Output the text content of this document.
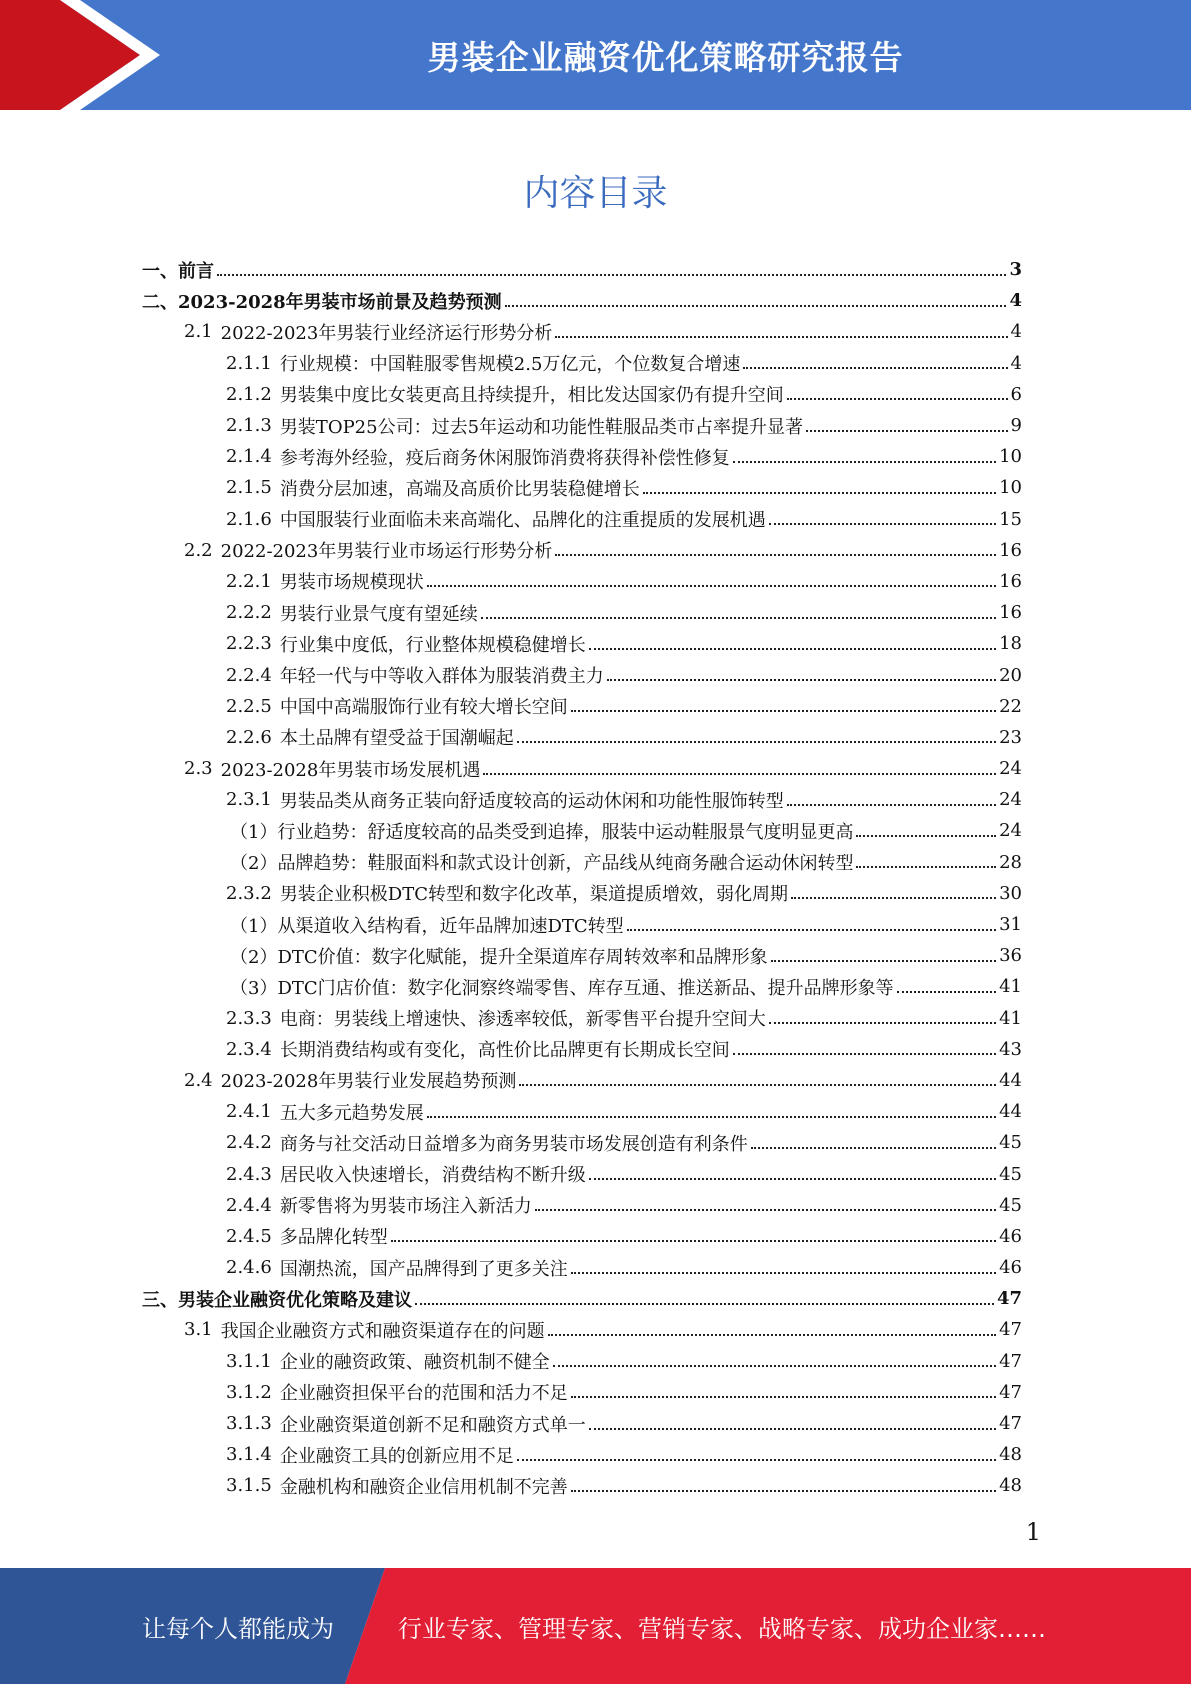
男装企业融资优化策略研究报告
内容目录
一、 前言	3
二、 2023-2028年男装市场前景及趋势预测	4
2.1 2022-2023年男装行业经济运行形势分析	4
2.1.1 行业规模：中国鞋服零售规模2.5万亿元，个位数复合增速	4
2.1.2 男装集中度比女装更高且持续提升，相比发达国家仍有提升空间	6
2.1.3 男装TOP25公司：过去5年运动和功能性鞋服品类市占率提升显著	9
2.1.4 参考海外经验，疫后商务休闲服饰消费将获得补偿性修复	10
2.1.5 消费分层加速，高端及高质价比男装稳健增长	10
2.1.6 中国服装行业面临未来高端化、品牌化的注重提质的发展机遇	15
2.2 2022-2023年男装行业市场运行形势分析	16
2.2.1 男装市场规模现状	16
2.2.2 男装行业景气度有望延续	16
2.2.3 行业集中度低，行业整体规模稳健增长	18
2.2.4 年轻一代与中等收入群体为服装消费主力	20
2.2.5 中国中高端服饰行业有较大增长空间	22
2.2.6 本土品牌有望受益于国潮崛起	23
2.3 2023-2028年男装市场发展机遇	24
2.3.1 男装品类从商务正装向舒适度较高的运动休闲和功能性服饰转型	24
（1） 行业趋势：舒适度较高的品类受到追捧，服装中运动鞋服景气度明显更高	24
（2） 品牌趋势：鞋服面料和款式设计创新，产品线从纯商务融合运动休闲转型	28
2.3.2 男装企业积极DTC转型和数字化改革，渠道提质增效，弱化周期	30
（1） 从渠道收入结构看，近年品牌加速DTC转型	31
（2） DTC价值：数字化赋能，提升全渠道库存周转效率和品牌形象	36
（3） DTC门店价值：数字化洞察终端零售、库存互通、推送新品、提升品牌形象等	41
2.3.3 电商：男装线上增速快、渗透率较低，新零售平台提升空间大	41
2.3.4 长期消费结构或有变化，高性价比品牌更有长期成长空间	43
2.4 2023-2028年男装行业发展趋势预测	44
2.4.1 五大多元趋势发展	44
2.4.2 商务与社交活动日益增多为商务男装市场发展创造有利条件	45
2.4.3 居民收入快速增长，消费结构不断升级	45
2.4.4 新零售将为男装市场注入新活力	45
2.4.5 多品牌化转型	46
2.4.6 国潮热流，国产品牌得到了更多关注	46
三、 男装企业融资优化策略及建议	47
3.1 我国企业融资方式和融资渠道存在的问题	47
3.1.1 企业的融资政策、融资机制不健全	47
3.1.2 企业融资担保平台的范围和活力不足	47
3.1.3 企业融资渠道创新不足和融资方式单一	47
3.1.4 企业融资工具的创新应用不足	48
3.1.5 金融机构和融资企业信用机制不完善	48
1
让每个人都能成为	行业专家、管理专家、营销专家、战略专家、成功企业家……
